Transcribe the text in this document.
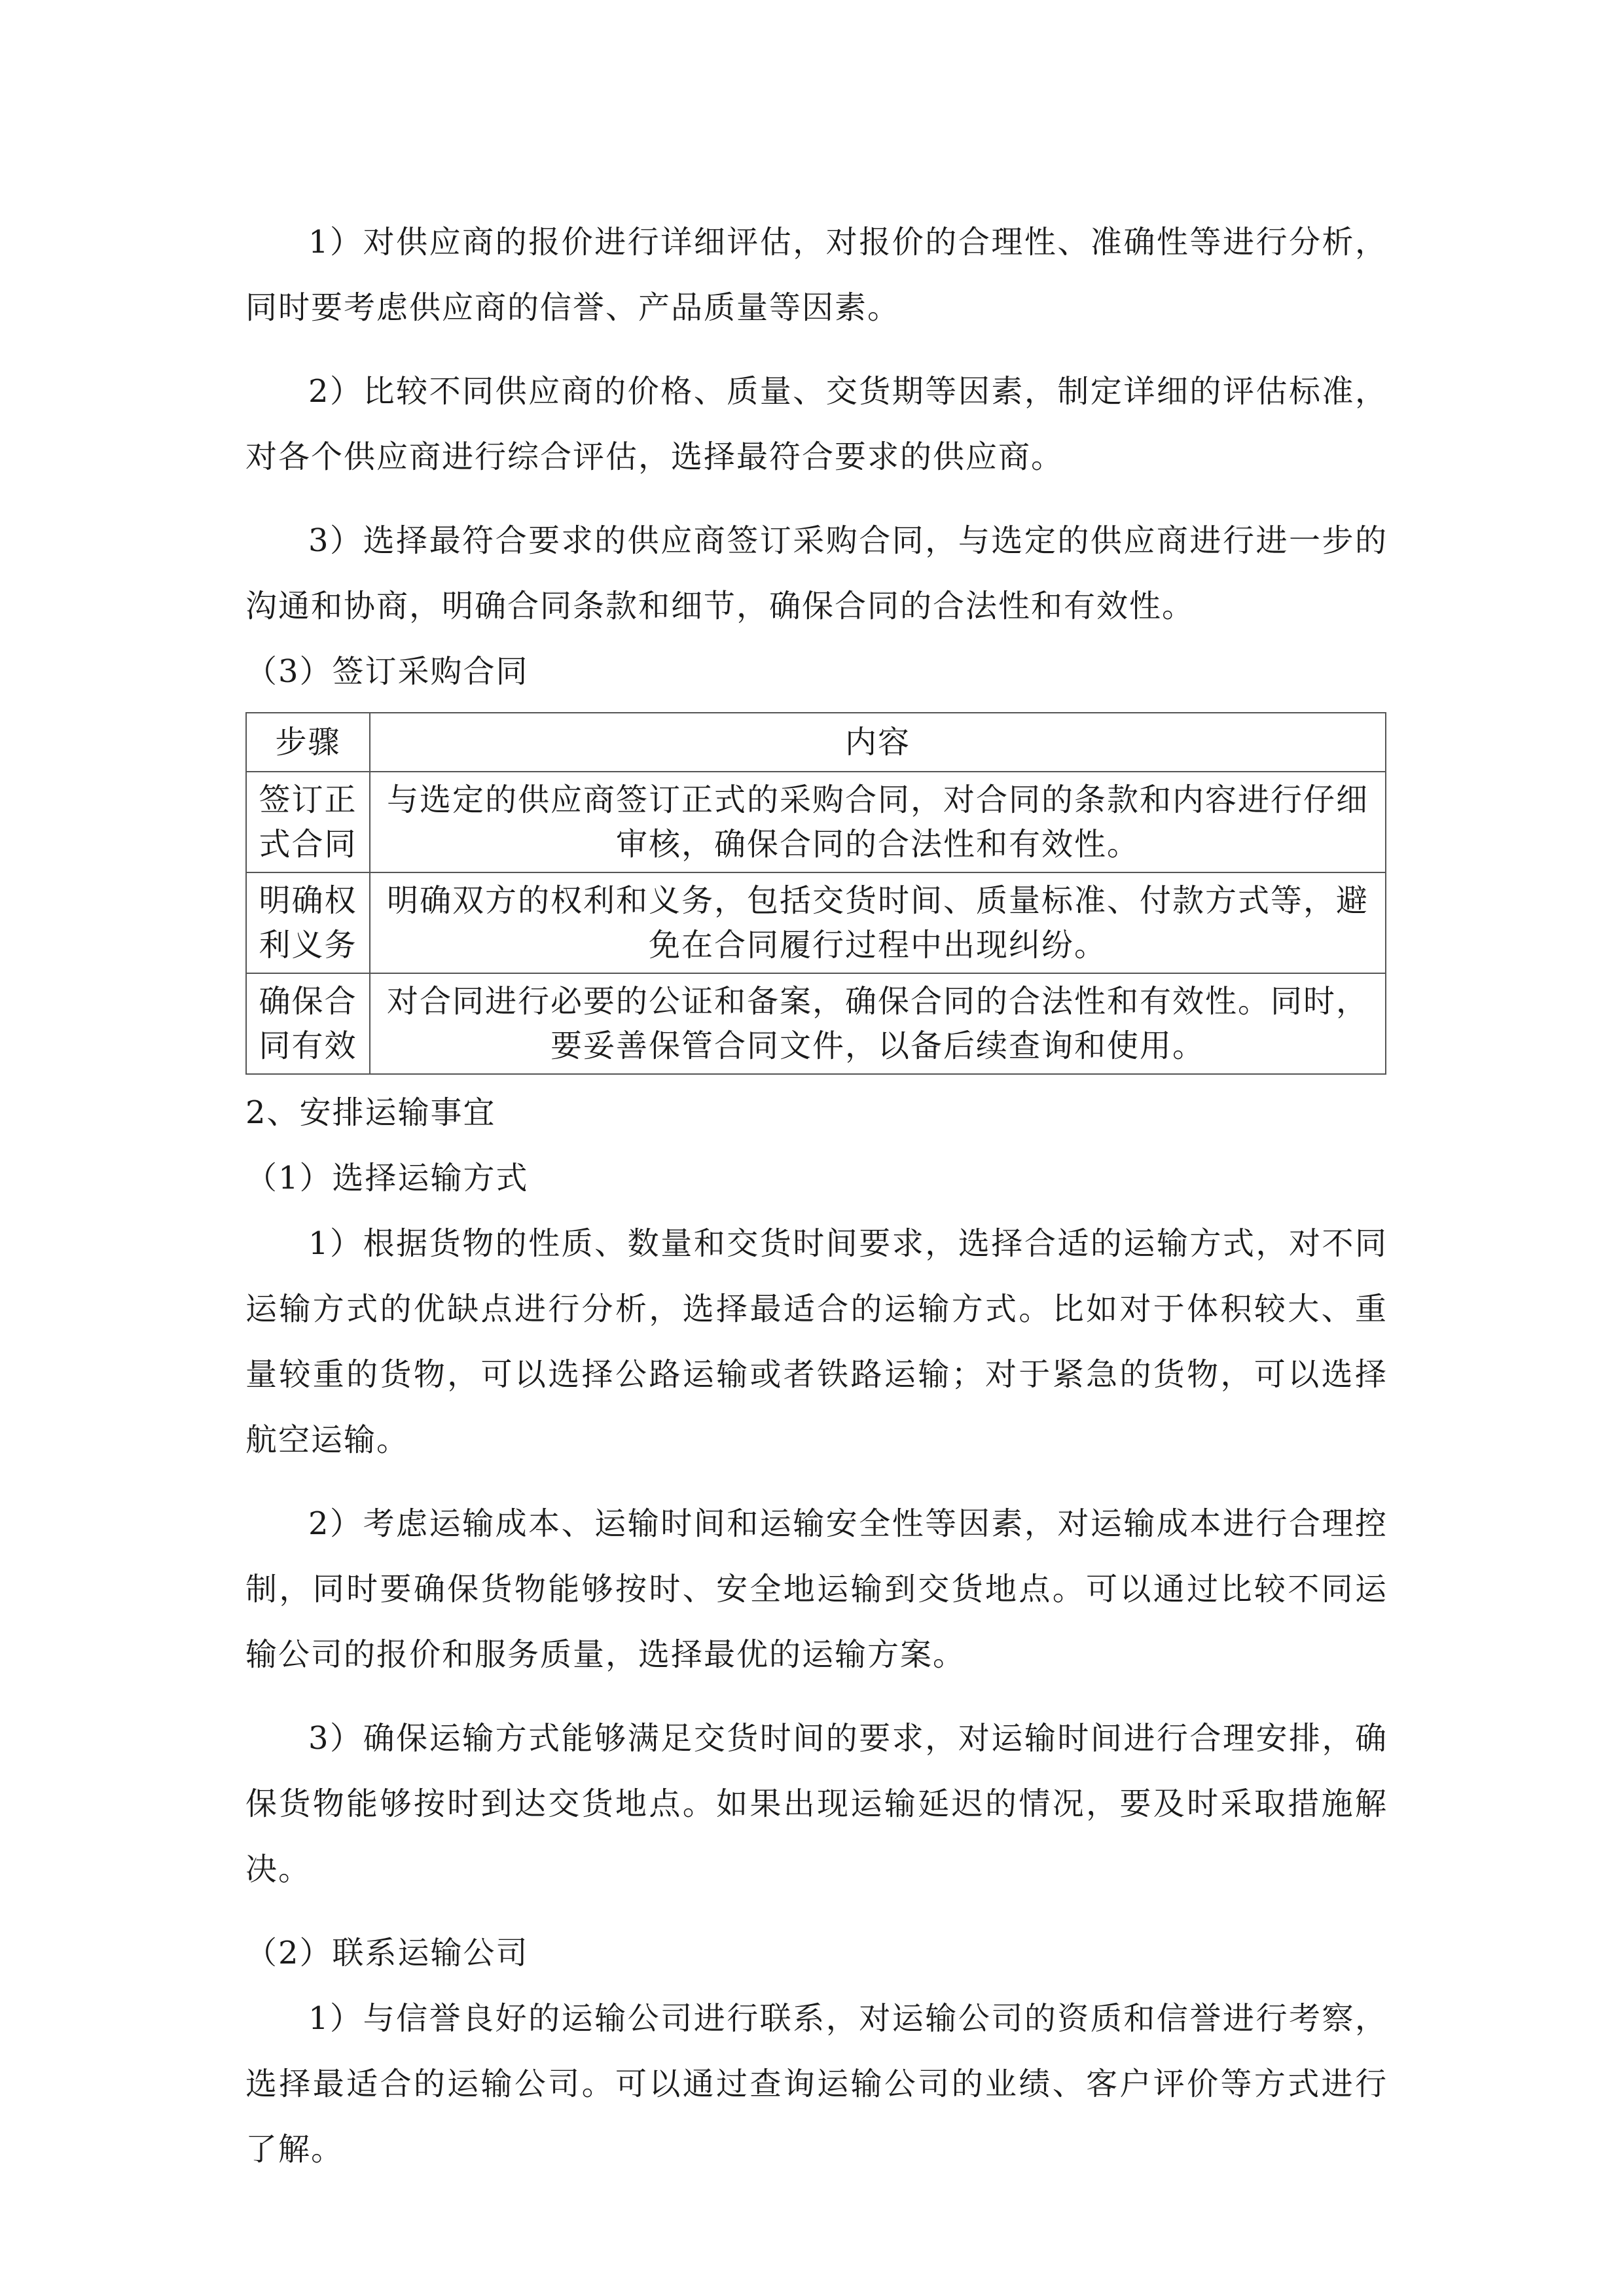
1）对供应商的报价进行详细评估，对报价的合理性、准确性等进行分析，同时要考虑供应商的信誉、产品质量等因素。

2）比较不同供应商的价格、质量、交货期等因素，制定详细的评估标准，对各个供应商进行综合评估，选择最符合要求的供应商。

3）选择最符合要求的供应商签订采购合同，与选定的供应商进行进一步的沟通和协商，明确合同条款和细节，确保合同的合法性和有效性。

（3）签订采购合同
步骤	内容
签订正式合同	与选定的供应商签订正式的采购合同，对合同的条款和内容进行仔细审核，确保合同的合法性和有效性。
明确权利义务	明确双方的权利和义务，包括交货时间、质量标准、付款方式等，避免在合同履行过程中出现纠纷。
确保合同有效	对合同进行必要的公证和备案，确保合同的合法性和有效性。同时，要妥善保管合同文件，以备后续查询和使用。
2、安排运输事宜
（1）选择运输方式

1）根据货物的性质、数量和交货时间要求，选择合适的运输方式，对不同运输方式的优缺点进行分析，选择最适合的运输方式。比如对于体积较大、重量较重的货物，可以选择公路运输或者铁路运输；对于紧急的货物，可以选择航空运输。

2）考虑运输成本、运输时间和运输安全性等因素，对运输成本进行合理控制，同时要确保货物能够按时、安全地运输到交货地点。可以通过比较不同运输公司的报价和服务质量，选择最优的运输方案。

3）确保运输方式能够满足交货时间的要求，对运输时间进行合理安排，确保货物能够按时到达交货地点。如果出现运输延迟的情况，要及时采取措施解决。

（2）联系运输公司

1）与信誉良好的运输公司进行联系，对运输公司的资质和信誉进行考察，选择最适合的运输公司。可以通过查询运输公司的业绩、客户评价等方式进行了解。
